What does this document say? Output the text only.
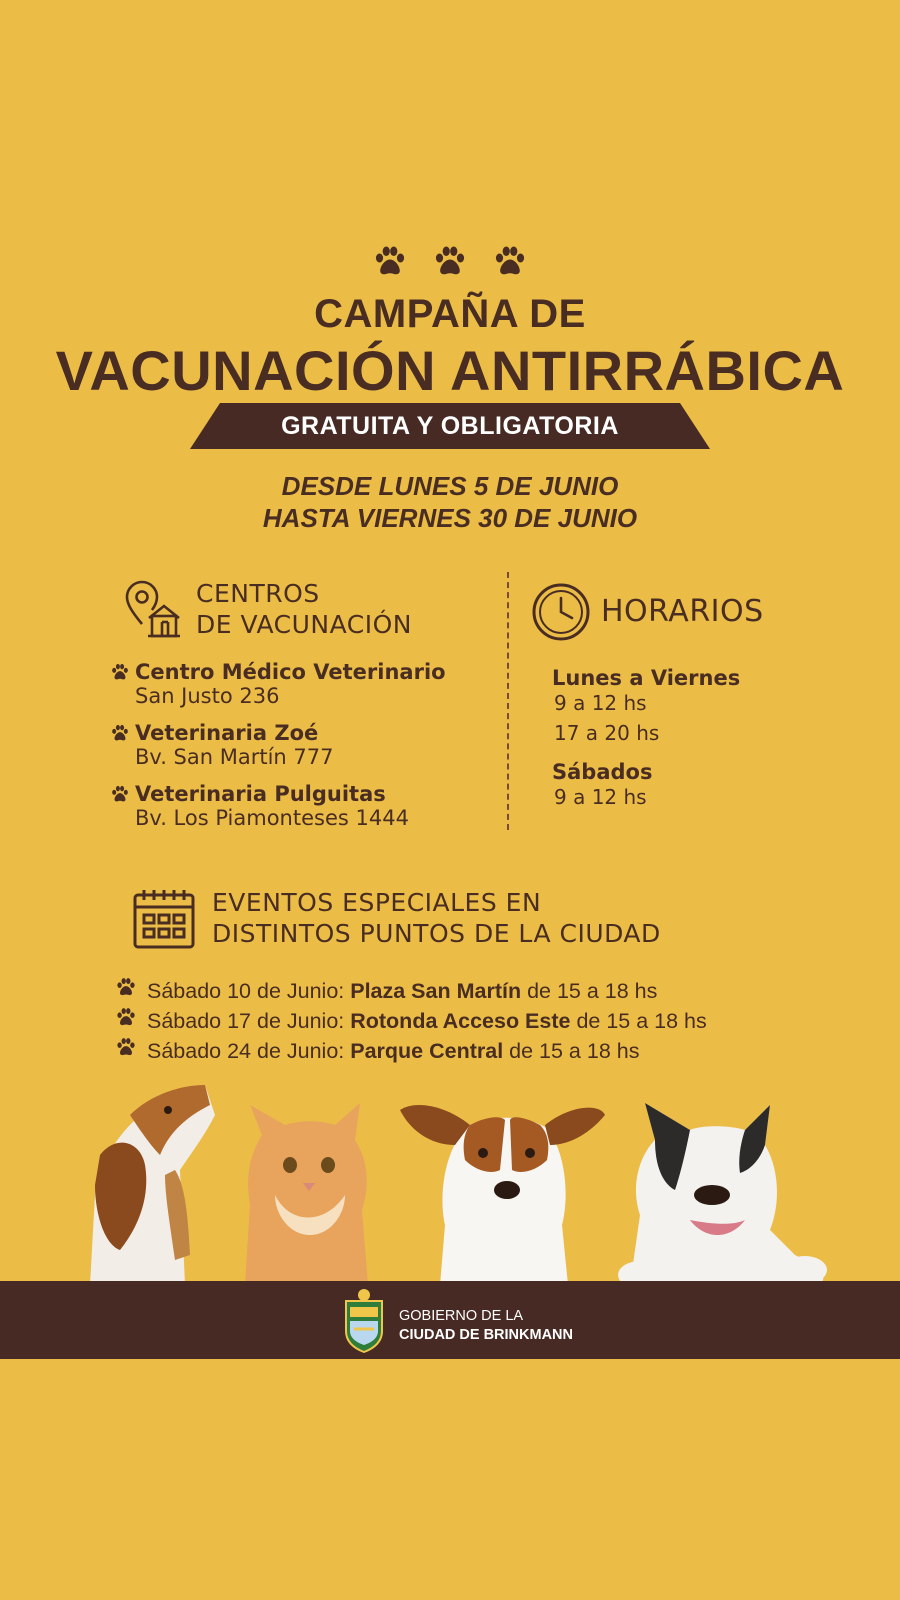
CAMPAÑA DE
VACUNACIÓN ANTIRRÁBICA
GRATUITA Y OBLIGATORIA
DESDE LUNES 5 DE JUNIO
HASTA VIERNES 30 DE JUNIO
CENTROS
DE VACUNACIÓN
Centro Médico Veterinario
San Justo 236
Veterinaria Zoé
Bv. San Martín 777
Veterinaria Pulguitas
Bv. Los Piamonteses 1444
HORARIOS
Lunes a Viernes
9 a 12 hs
17 a 20 hs
Sábados
9 a 12 hs
EVENTOS ESPECIALES EN
DISTINTOS PUNTOS DE LA CIUDAD
Sábado 10 de Junio:
Plaza San Martín
de 15 a 18 hs
Sábado 17 de Junio:
Rotonda Acceso Este
de 15 a 18 hs
Sábado 24 de Junio:
Parque Central
de 15 a 18 hs
GOBIERNO DE LA
CIUDAD DE BRINKMANN
